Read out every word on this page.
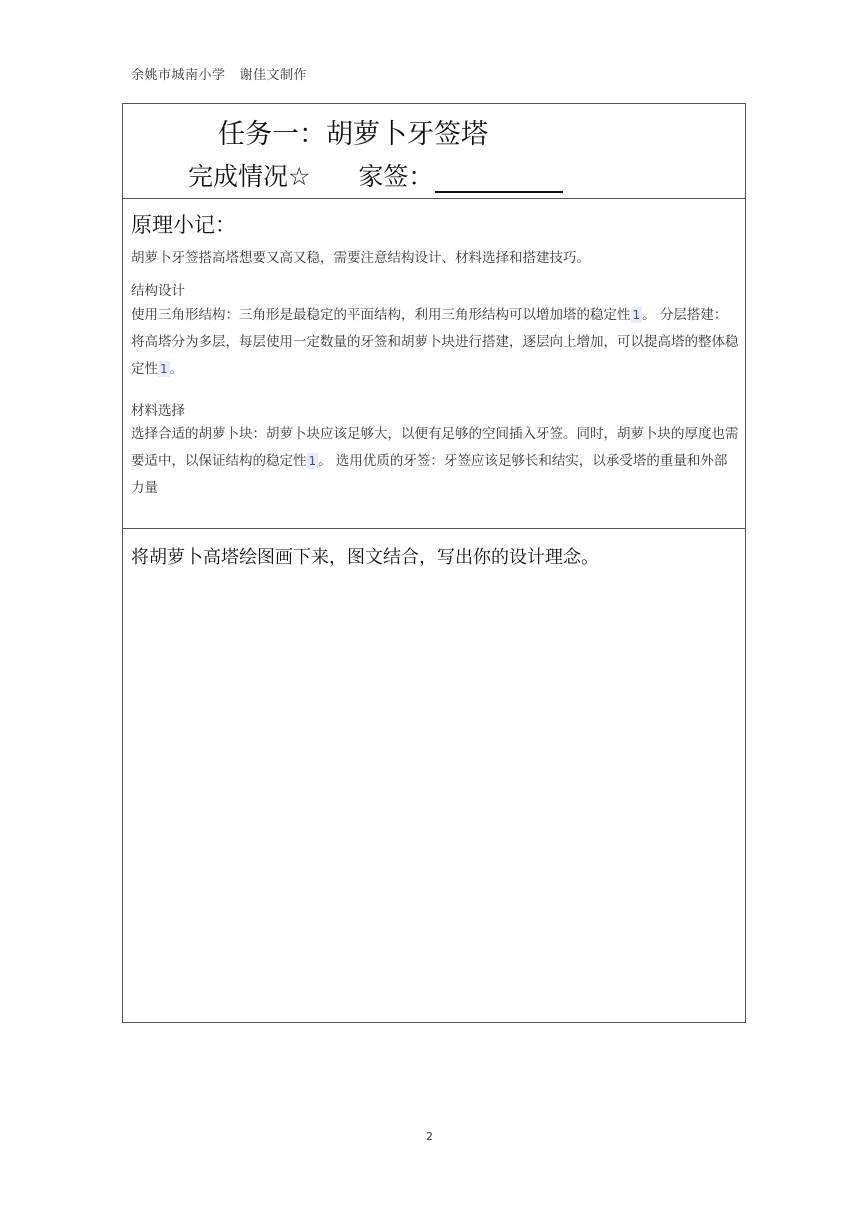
余姚市城南小学 谢佳文制作
任务一：胡萝卜牙签塔
完成情况☆ 家签：
原理小记：
胡萝卜牙签搭高塔想要又高又稳，需要注意结构设计、材料选择和搭建技巧。
结构设计
使用三角形结构：三角形是最稳定的平面结构，利用三角形结构可以增加塔的稳定性 1 。 分层搭建：将高塔分为多层，每层使用一定数量的牙签和胡萝卜块进行搭建，逐层向上增加，可以提高塔的整体稳定性 1 。
材料选择
选择合适的胡萝卜块：胡萝卜块应该足够大，以便有足够的空间插入牙签。同时，胡萝卜块的厚度也需要适中，以保证结构的稳定性 1 。 选用优质的牙签：牙签应该足够长和结实，以承受塔的重量和外部力量
将胡萝卜高塔绘图画下来，图文结合，写出你的设计理念。
2
